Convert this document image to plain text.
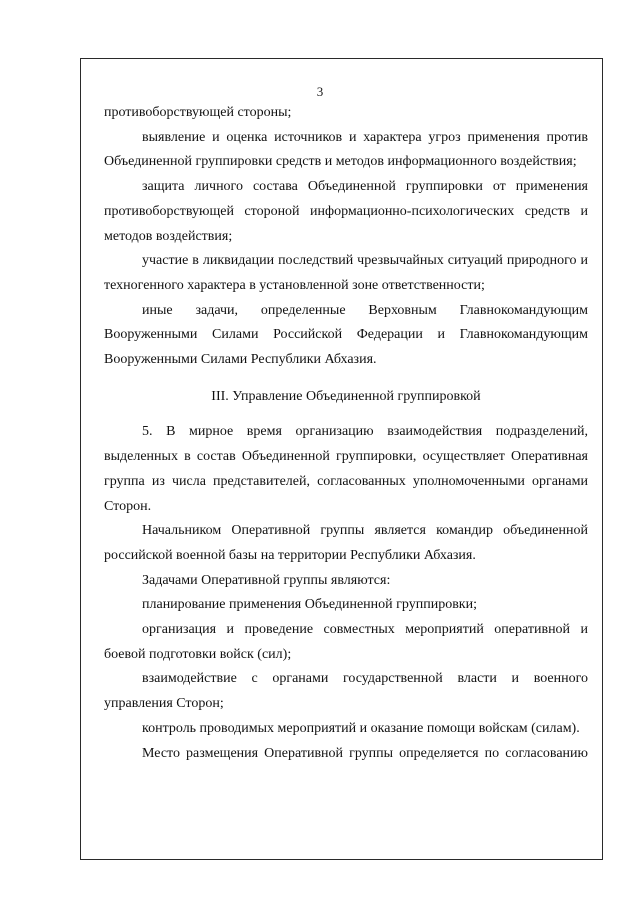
3

противоборствующей стороны;

выявление и оценка источников и характера угроз применения против Объединенной группировки средств и методов информационного воздействия;

защита личного состава Объединенной группировки от применения противоборствующей стороной информационно-психологических средств и методов воздействия;

участие в ликвидации последствий чрезвычайных ситуаций природного и техногенного характера в установленной зоне ответственности;

иные задачи, определенные Верховным Главнокомандующим Вооруженными Силами Российской Федерации и Главнокомандующим Вооруженными Силами Республики Абхазия.

III. Управление Объединенной группировкой

5. В мирное время организацию взаимодействия подразделений, выделенных в состав Объединенной группировки, осуществляет Оперативная группа из числа представителей, согласованных уполномоченными органами Сторон.

Начальником Оперативной группы является командир объединенной российской военной базы на территории Республики Абхазия.

Задачами Оперативной группы являются:

планирование применения Объединенной группировки;

организация и проведение совместных мероприятий оперативной и боевой подготовки войск (сил);

взаимодействие с органами государственной власти и военного управления Сторон;

контроль проводимых мероприятий и оказание помощи войскам (силам).

Место размещения Оперативной группы определяется по согласованию
